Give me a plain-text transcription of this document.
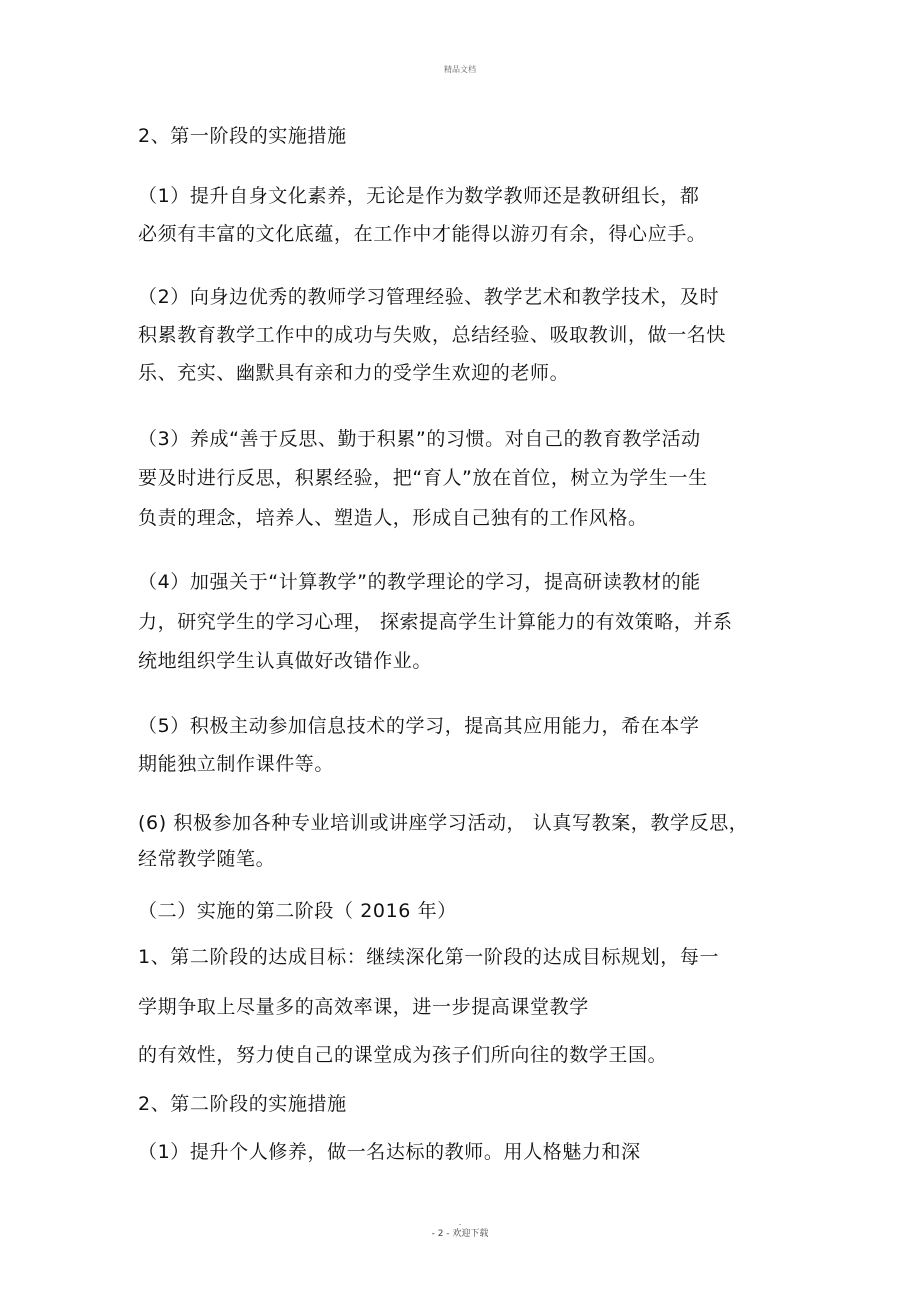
精品文档
2、第一阶段的实施措施
（1）提升自身文化素养，无论是作为数学教师还是教研组长，都
必须有丰富的文化底蕴，在工作中才能得以游刃有余，得心应手。
（2）向身边优秀的教师学习管理经验、教学艺术和教学技术，及时
积累教育教学工作中的成功与失败，总结经验、吸取教训，做一名快
乐、充实、幽默具有亲和力的受学生欢迎的老师。
（3）养成“善于反思、勤于积累”的习惯。对自己的教育教学活动
要及时进行反思，积累经验，把“育人”放在首位，树立为学生一生
负责的理念，培养人、塑造人，形成自己独有的工作风格。
（4）加强关于“计算教学”的教学理论的学习，提高研读教材的能
力，研究学生的学习心理， 探索提高学生计算能力的有效策略，并系
统地组织学生认真做好改错作业。
（5）积极主动参加信息技术的学习，提高其应用能力，希在本学
期能独立制作课件等。
(6) 积极参加各种专业培训或讲座学习活动， 认真写教案，教学反思，
经常教学随笔。
（二）实施的第二阶段（ 2016 年）
1、第二阶段的达成目标：继续深化第一阶段的达成目标规划，每一
学期争取上尽量多的高效率课，进一步提高课堂教学
的有效性，努力使自己的课堂成为孩子们所向往的数学王国。
2、第二阶段的实施措施
（1）提升个人修养，做一名达标的教师。用人格魅力和深
.
- 2 - 欢迎下载
